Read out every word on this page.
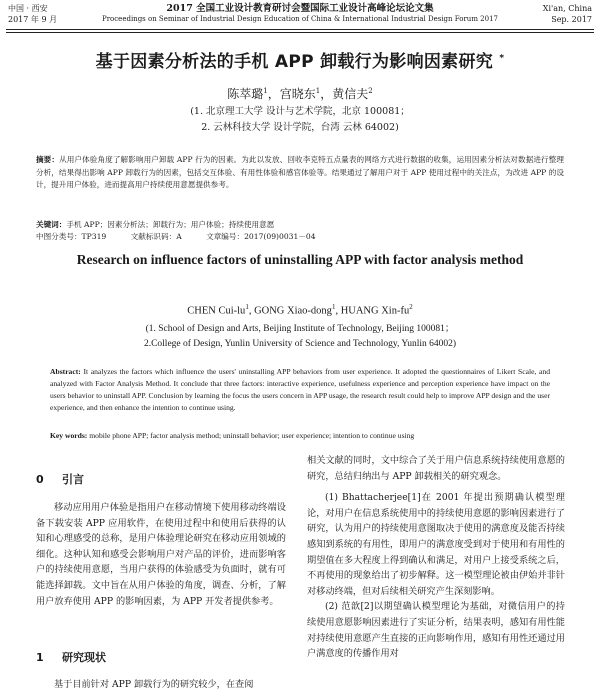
中国 · 西安
2017 年 9 月
2017 全国工业设计教育研讨会暨国际工业设计高峰论坛论文集
Proceedings on Seminar of Industrial Design Education of China & International Industrial Design Forum 2017
Xi'an, China
Sep. 2017
基于因素分析法的手机 APP 卸载行为影响因素研究 *
陈萃璐$^1$，宫晓东$^1$，黄信夫$^2$
(1. 北京理工大学 设计与艺术学院，北京 100081；
2. 云林科技大学 设计学院，台湾 云林 64002)
摘要：从用户体验角度了解影响用户卸载 APP 行为的因素。为此以发放、回收李克特五点量表的网络方式进行数据的收集，运用因素分析法对数据进行整理分析，结果得出影响 APP 卸载行为的因素，包括交互体验、有用性体验和感官体验等。结果通过了解用户对于 APP 使用过程中的关注点，为改进 APP 的设计，提升用户体验，进而提高用户持续使用意愿提供参考。
关键词：手机 APP；因素分析法；卸载行为；用户体验；持续使用意愿
中图分类号：TP319	文献标识码：A	文章编号：2017(09)0031－04
Research on influence factors of uninstalling APP with factor analysis method
CHEN Cui-$lu^1$, GONG Xiao-dong$^1$, HUANG Xin-$fu^2$
(1. School of Design and Arts, Beijing Institute of Technology, Beijing 100081；
2.College of Design, Yunlin University of Science and Technology, Yunlin 64002)
Abstract: It analyzes the factors which influence the users' uninstalling APP behaviors from user experience. It adopted the questionnaires of Likert Scale, and analyzed with Factor Analysis Method. It conclude that three factors: interactive experience, usefulness experience and perception experience have impact on the users behavior to uninstall APP. Conclusion by learning the focus the users concern in APP usage, the research result could help to improve APP design and the user experience, and then enhance the intention to continue using.
Key words: mobile phone APP; factor analysis method; uninstall behavior; user experience; intention to continue using
0 引言

移动应用用户体验是指用户在移动情境下使用移动终端设备下载安装 APP 应用软件，在使用过程中和使用后获得的认知和心理感受的总称，是用户体验理论研究在移动应用领域的细化。这种认知和感受会影响用户对产品的评价，进而影响客户的持续使用意愿，当用户获得的体验感受为负面时，就有可能选择卸载。文中旨在从用户体验的角度，调查、分析，了解用户放弃使用 APP 的影响因素，为 APP 开发者提供参考。

1 研究现状

基于目前针对 APP 卸载行为的研究较少，在查阅

相关文献的同时，文中综合了关于用户信息系统持续使用意愿的研究，总结归纳出与 APP 卸载相关的研究观念。

(1) Bhattacherjee[1]在 2001 年提出预期确认模型理论，对用户在信息系统使用中的持续使用意愿的影响因素进行了研究，认为用户的持续使用意图取决于使用的满意度及能否持续感知到系统的有用性，即用户的满意度受到对于使用和有用性的期望值在多大程度上得到确认和满足，对用户上接受系统之后，不再使用的现象给出了初步解释。这一模型理论被由伊始并非针对移动终端，但对后续相关研究产生深刻影响。

(2) 范歆[2]以期望确认模型理论为基础，对微信用户的持续使用意愿影响因素进行了实证分析，结果表明，感知有用性能对持续使用意愿产生直接的正向影响作用，感知有用性还通过用户满意度的传播作用对
